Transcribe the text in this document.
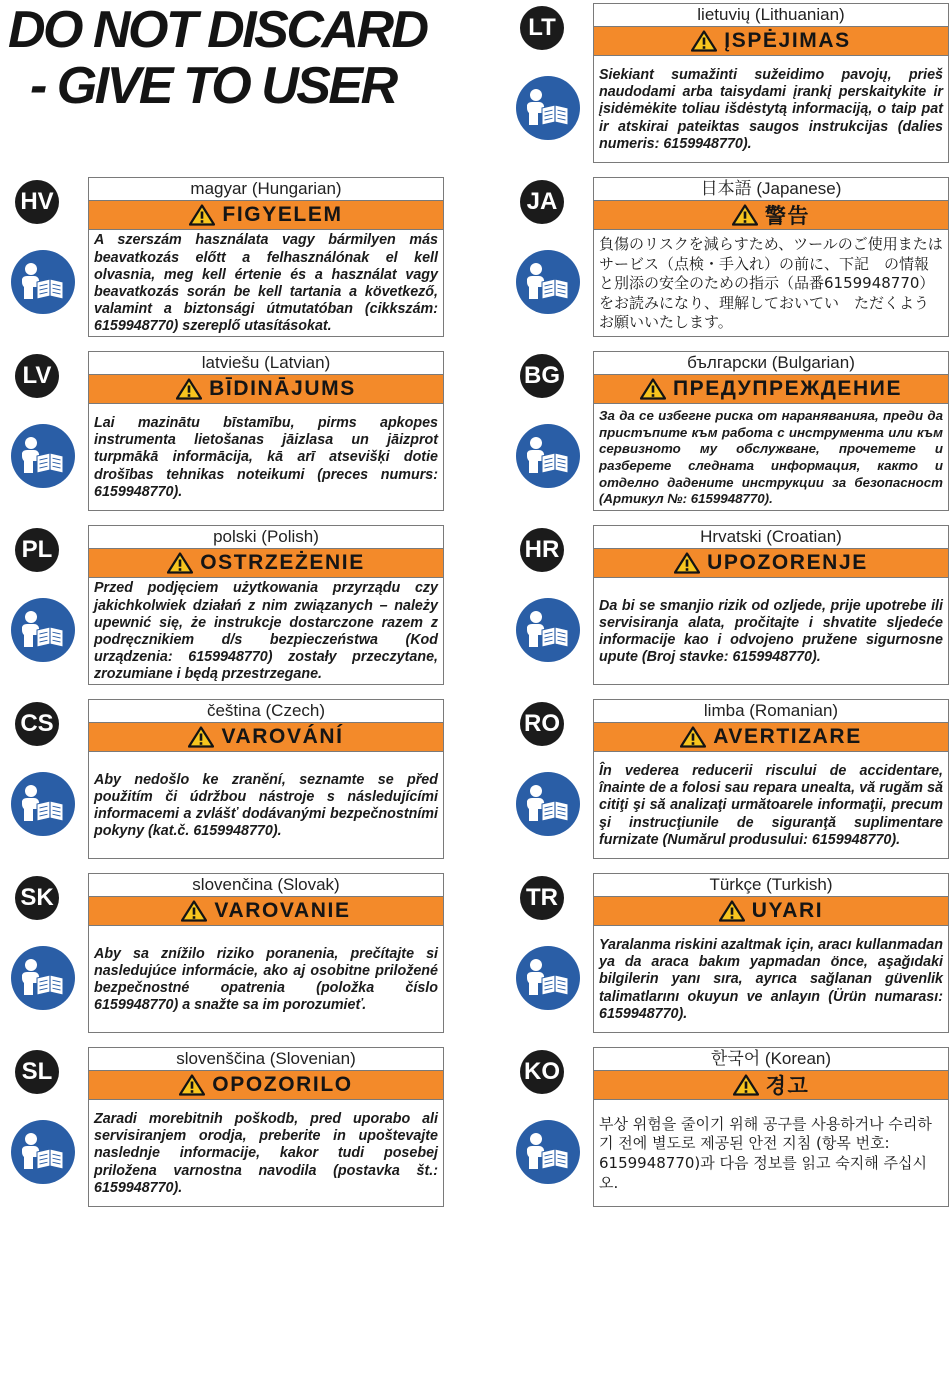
DO NOT DISCARD
- GIVE TO USER
LT	lietuvių (Lithuanian)
ĮSPĖJIMAS

Siekiant sumažinti sužeidimo pavojų, prieš naudodami arba taisydami įrankį perskaitykite ir įsidėmėkite toliau išdėstytą informaciją, o taip pat ir atskirai pateiktas saugos instrukcijas (dalies numeris: 6159948770).

HV	magyar (Hungarian)
FIGYELEM

A szerszám használata vagy bármilyen más beavatkozás előtt a felhasználónak el kell olvasnia, meg kell értenie és a használat vagy beavatkozás során be kell tartania a következő, valamint a biztonsági útmutatóban (cikkszám: 6159948770) szereplő utasításokat.

JA	日本語 (Japanese)
警告

負傷のリスクを減らすため、ツールのご使用またはサービス（点検・手入れ）の前に、下記　の情報と別添の安全のための指示（品番6159948770）をお読みになり、理解しておいてい　ただくようお願いいたします。

LV	latviešu (Latvian)
BĪDINĀJUMS

Lai mazinātu bīstamību, pirms apkopes instrumenta lietošanas jāizlasa un jāizprot turpmākā informācija, kā arī atsevišķi dotie drošības tehnikas noteikumi (preces numurs: 6159948770).

BG	български (Bulgarian)
ПРЕДУПРЕЖДЕНИЕ

За да се избегне риска от нараняванияa, преди да пристъпите към работа с инструмента или към сервизното му обслужване, прочетете и разберете следната информация, както и отделно дадените инструкции за безопасност (Артикул №: 6159948770).

PL	polski (Polish)
OSTRZEŻENIE

Przed podjęciem użytkowania przyrządu czy jakichkolwiek działań z nim związanych – należy upewnić się, że instrukcje dostarczone razem z podręcznikiem d/s bezpieczeństwa (Kod urządzenia: 6159948770) zostały przeczytane, zrozumiane i będą przestrzegane.

HR	Hrvatski (Croatian)
UPOZORENJE

Da bi se smanjio rizik od ozljede, prije upotrebe ili servisiranja alata, pročitajte i shvatite sljedeće informacije kao i odvojeno pružene sigurnosne upute (Broj stavke: 6159948770).

CS	čeština (Czech)
VAROVÁNÍ

Aby nedošlo ke zranění, seznamte se před použitím či údržbou nástroje s následujícími informacemi a zvlášť dodávanými bezpečnostními pokyny (kat.č. 6159948770).

RO	limba (Romanian)
AVERTIZARE

În vederea reducerii riscului de accidentare, înainte de a folosi sau repara unealta, vă rugăm să citiţi şi să analizaţi următoarele informaţii, precum şi instrucţiunile de siguranţă suplimentare furnizate (Numărul produsului: 6159948770).

SK	slovenčina (Slovak)
VAROVANIE

Aby sa znížilo riziko poranenia, prečítajte si nasledujúce informácie, ako aj osobitne priložené bezpečnostné opatrenia (položka číslo 6159948770) a snažte sa im porozumieť.

TR	Türkçe (Turkish)
UYARI

Yaralanma riskini azaltmak için, aracı kullanmadan ya da araca bakım yapmadan önce, aşağıdaki bilgilerin yanı sıra, ayrıca sağlanan güvenlik talimatlarını okuyun ve anlayın (Ürün numarası: 6159948770).

SL	slovenščina (Slovenian)
OPOZORILO

Zaradi morebitnih poškodb, pred uporabo ali servisiranjem orodja, preberite in upoštevajte naslednje informacije, kakor tudi posebej priložena varnostna navodila (postavka št.: 6159948770).

KO	한국어 (Korean)
경고

부상 위험을 줄이기 위해 공구를 사용하거나 수리하기 전에 별도로 제공된 안전 지침 (항목 번호: 6159948770)과 다음 정보를 읽고 숙지해 주십시오.
